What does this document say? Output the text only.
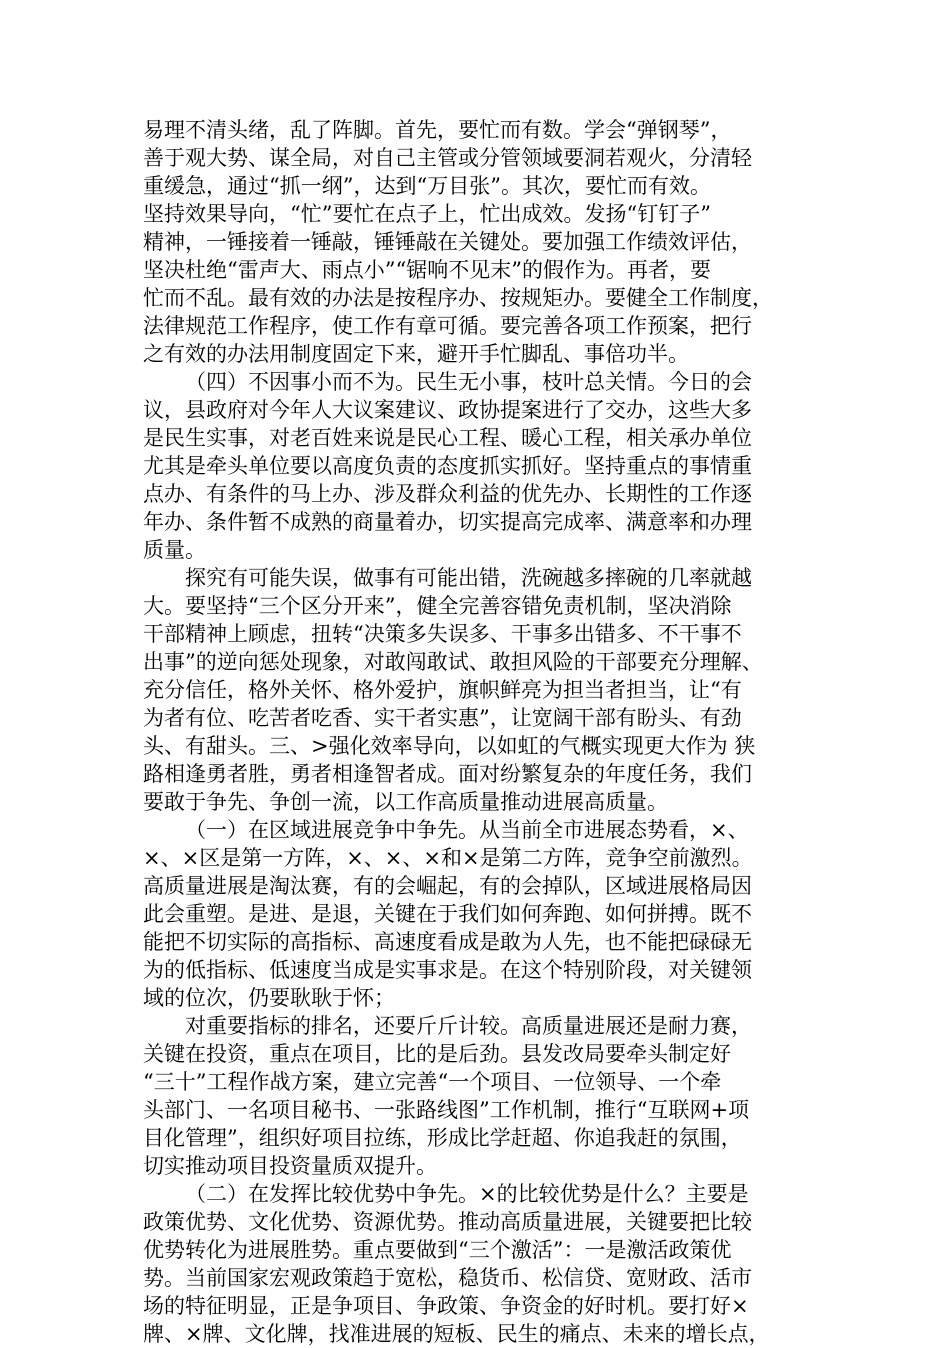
易理不清头绪，乱了阵脚。首先，要忙而有数。学会“弹钢琴”，
善于观大势、谋全局，对自己主管或分管领域要洞若观火，分清轻
重缓急，通过“抓一纲”，达到“万目张”。其次，要忙而有效。
坚持效果导向，“忙”要忙在点子上，忙出成效。发扬“钉钉子”
精神，一锤接着一锤敲，锤锤敲在关键处。要加强工作绩效评估，
坚决杜绝“雷声大、雨点小”“锯响不见末”的假作为。再者，要
忙而不乱。最有效的办法是按程序办、按规矩办。要健全工作制度，
法律规范工作程序，使工作有章可循。要完善各项工作预案，把行
之有效的办法用制度固定下来，避开手忙脚乱、事倍功半。
（四）不因事小而不为。民生无小事，枝叶总关情。今日的会
议，县政府对今年人大议案建议、政协提案进行了交办，这些大多
是民生实事，对老百姓来说是民心工程、暖心工程，相关承办单位
尤其是牵头单位要以高度负责的态度抓实抓好。坚持重点的事情重
点办、有条件的马上办、涉及群众利益的优先办、长期性的工作逐
年办、条件暂不成熟的商量着办，切实提高完成率、满意率和办理
质量。
探究有可能失误，做事有可能出错，洗碗越多摔碗的几率就越
大。要坚持“三个区分开来”，健全完善容错免责机制，坚决消除
干部精神上顾虑，扭转“决策多失误多、干事多出错多、不干事不
出事”的逆向惩处现象，对敢闯敢试、敢担风险的干部要充分理解、
充分信任，格外关怀、格外爱护，旗帜鲜亮为担当者担当，让“有
为者有位、吃苦者吃香、实干者实惠”，让宽阔干部有盼头、有劲
头、有甜头。三、>强化效率导向，以如虹的气概实现更大作为 狭
路相逢勇者胜，勇者相逢智者成。面对纷繁复杂的年度任务，我们
要敢于争先、争创一流，以工作高质量推动进展高质量。
（一）在区域进展竞争中争先。从当前全市进展态势看，×、
×、×区是第一方阵，×、×、×和×是第二方阵，竞争空前激烈。
高质量进展是淘汰赛，有的会崛起，有的会掉队，区域进展格局因
此会重塑。是进、是退，关键在于我们如何奔跑、如何拼搏。既不
能把不切实际的高指标、高速度看成是敢为人先，也不能把碌碌无
为的低指标、低速度当成是实事求是。在这个特别阶段，对关键领
域的位次，仍要耿耿于怀；
对重要指标的排名，还要斤斤计较。高质量进展还是耐力赛，
关键在投资，重点在项目，比的是后劲。县发改局要牵头制定好
“三十”工程作战方案，建立完善“一个项目、一位领导、一个牵
头部门、一名项目秘书、一张路线图”工作机制，推行“互联网+项
目化管理”，组织好项目拉练，形成比学赶超、你追我赶的氛围，
切实推动项目投资量质双提升。
（二）在发挥比较优势中争先。×的比较优势是什么？主要是
政策优势、文化优势、资源优势。推动高质量进展，关键要把比较
优势转化为进展胜势。重点要做到“三个激活”：一是激活政策优
势。当前国家宏观政策趋于宽松，稳货币、松信贷、宽财政、活市
场的特征明显，正是争项目、争政策、争资金的好时机。要打好×
牌、×牌、文化牌，找准进展的短板、民生的痛点、未来的增长点，
